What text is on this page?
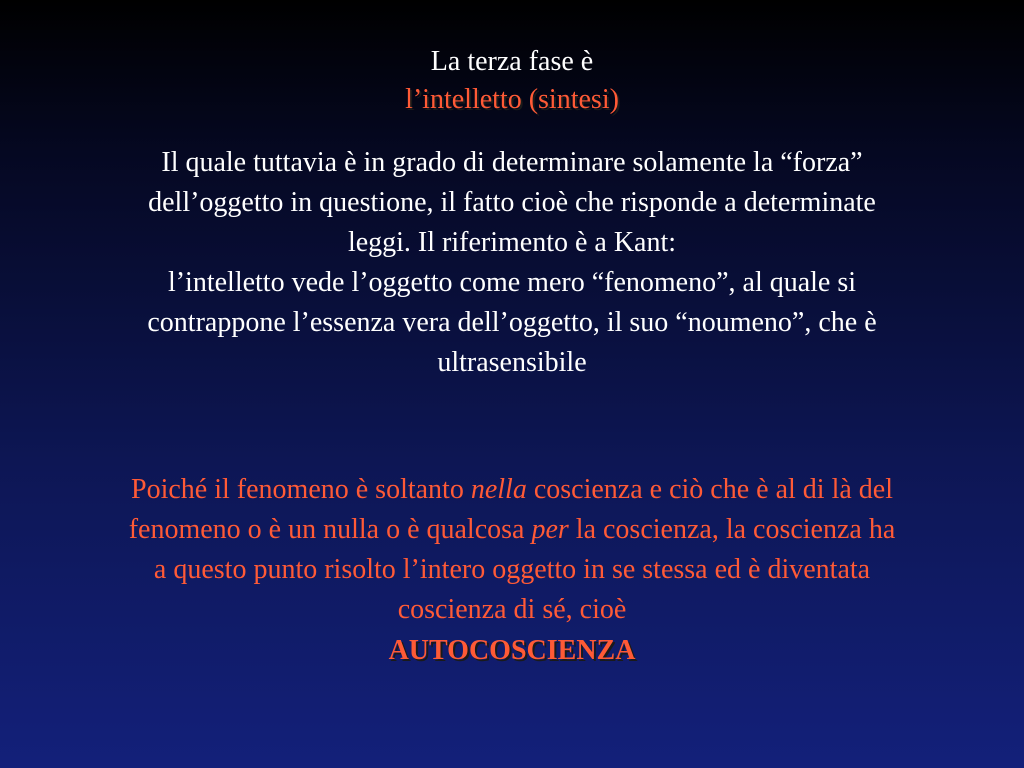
La terza fase è
l’intelletto (sintesi)
Il quale tuttavia è in grado di determinare solamente la “forza”
dell’oggetto in questione, il fatto cioè che risponde a determinate
leggi. Il riferimento è a Kant:
l’intelletto vede l’oggetto come mero “fenomeno”, al quale si
contrappone l’essenza vera dell’oggetto, il suo “noumeno”, che è
ultrasensibile
Poiché il fenomeno è soltanto nella coscienza e ciò che è al di là del
fenomeno o è un nulla o è qualcosa per la coscienza, la coscienza ha
a questo punto risolto l’intero oggetto in se stessa ed è diventata
coscienza di sé, cioè
AUTOCOSCIENZA
